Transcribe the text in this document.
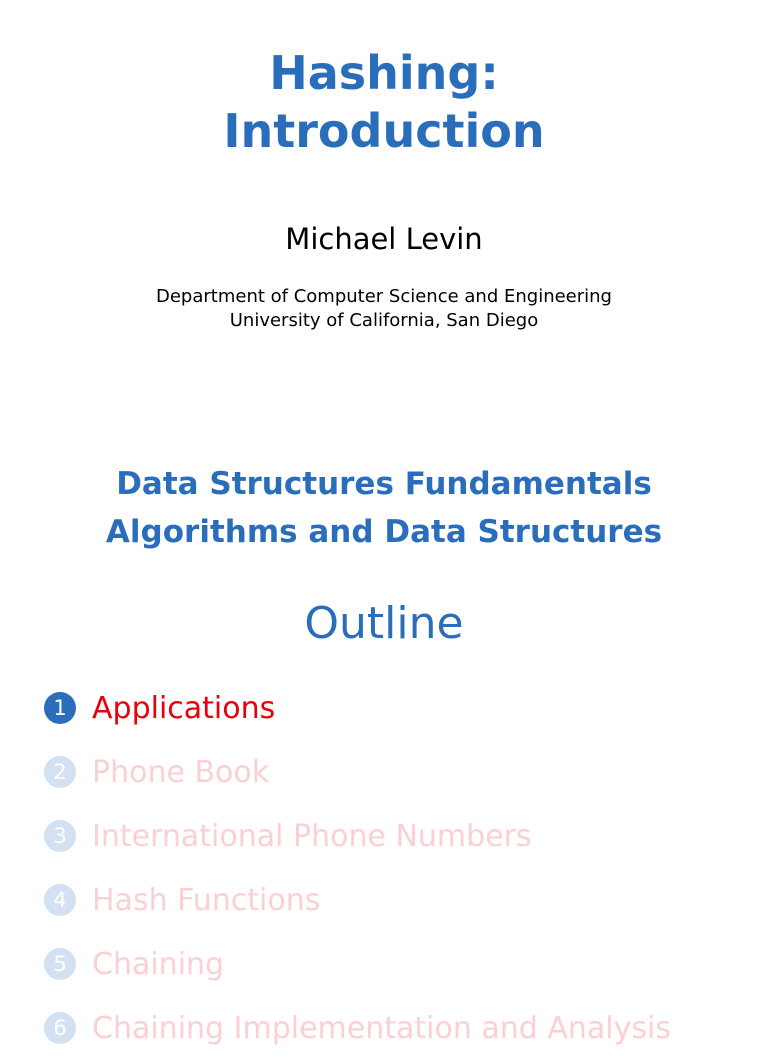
Hashing:
Introduction

Michael Levin

Department of Computer Science and Engineering
University of California, San Diego
Data Structures Fundamentals
Algorithms and Data Structures
Outline
1 Applications
2 Phone Book
3 International Phone Numbers
4 Hash Functions
5 Chaining
6 Chaining Implementation and Analysis
